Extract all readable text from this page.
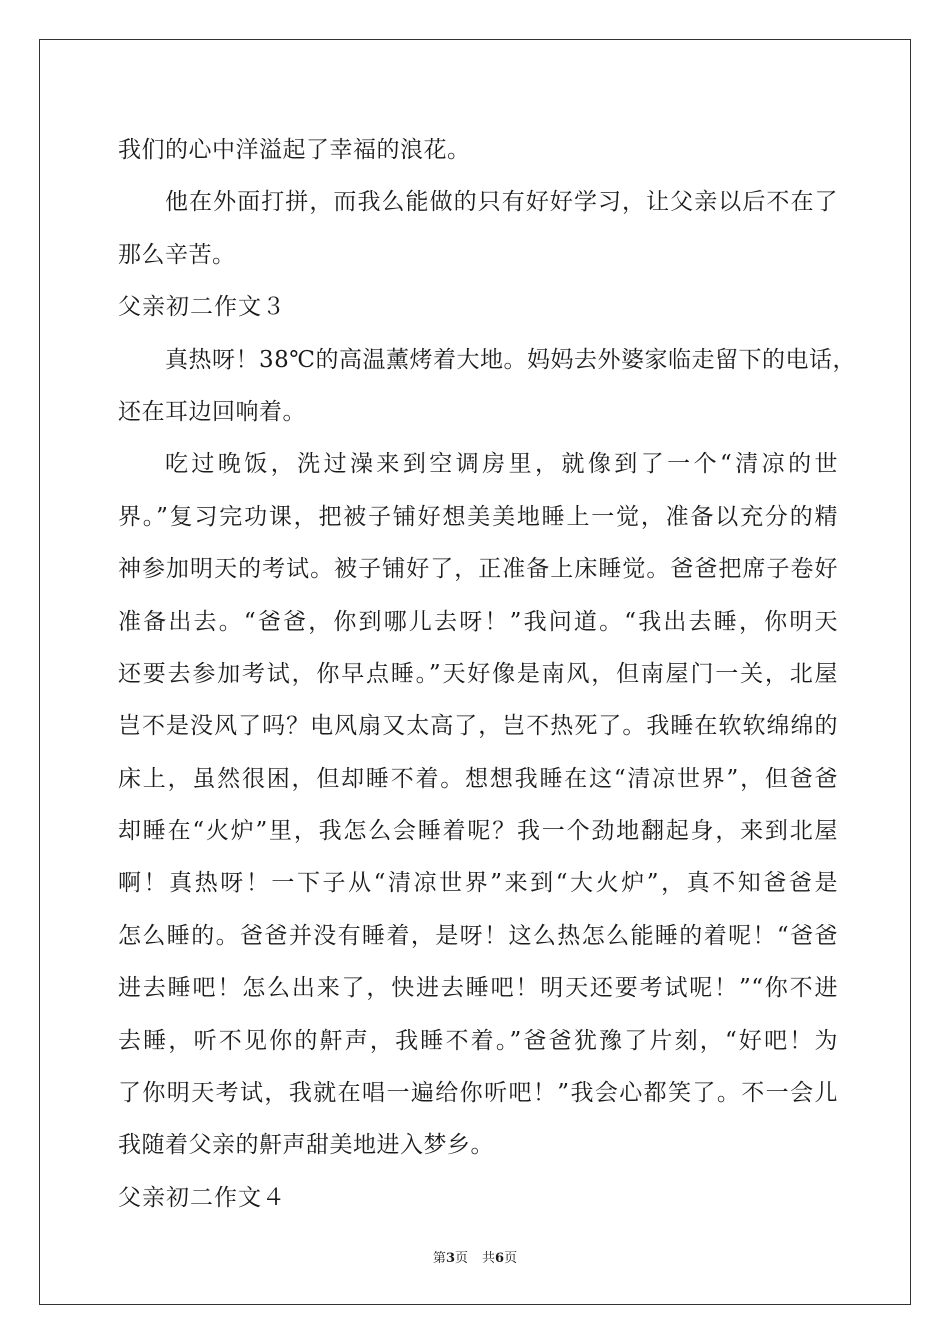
我们的心中洋溢起了幸福的浪花。
他在外面打拼，而我么能做的只有好好学习，让父亲以后不在了
那么辛苦。
父亲初二作文３
真热呀！38℃的高温薰烤着大地。妈妈去外婆家临走留下的电话，
还在耳边回响着。
吃过晚饭，洗过澡来到空调房里，就像到了一个“清凉的世
界。”复习完功课，把被子铺好想美美地睡上一觉，准备以充分的精
神参加明天的考试。被子铺好了，正准备上床睡觉。爸爸把席子卷好
准备出去。“爸爸，你到哪儿去呀！”我问道。“我出去睡，你明天
还要去参加考试，你早点睡。”天好像是南风，但南屋门一关，北屋
岂不是没风了吗？电风扇又太高了，岂不热死了。我睡在软软绵绵的
床上，虽然很困，但却睡不着。想想我睡在这“清凉世界”，但爸爸
却睡在“火炉”里，我怎么会睡着呢？我一个劲地翻起身，来到北屋
啊！真热呀！一下子从“清凉世界”来到“大火炉”，真不知爸爸是
怎么睡的。爸爸并没有睡着，是呀！这么热怎么能睡的着呢！“爸爸
进去睡吧！怎么出来了，快进去睡吧！明天还要考试呢！”“你不进
去睡，听不见你的鼾声，我睡不着。”爸爸犹豫了片刻，“好吧！为
了你明天考试，我就在唱一遍给你听吧！”我会心都笑了。不一会儿
我随着父亲的鼾声甜美地进入梦乡。
父亲初二作文４
第3页 共6页
